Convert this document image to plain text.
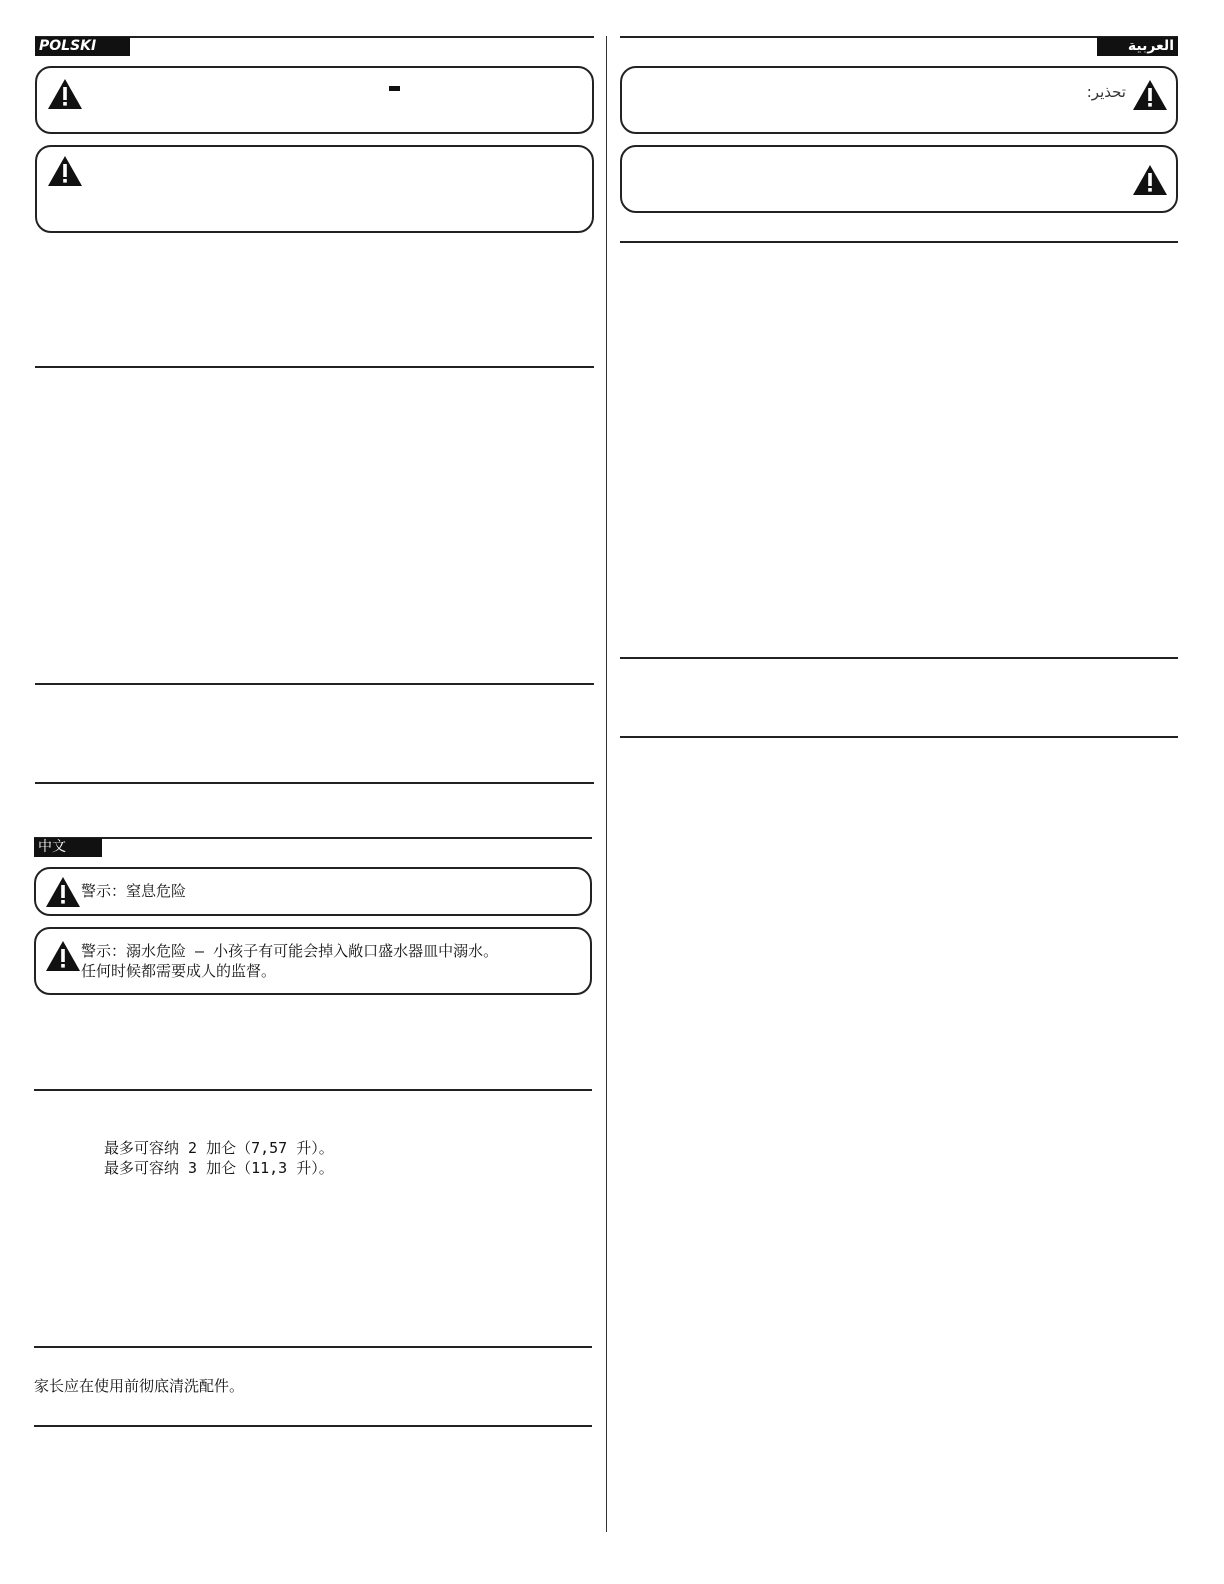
POLSKI
中文
警示：窒息危险
警示：溺水危险 – 小孩子有可能会掉入敞口盛水器皿中溺水。
任何时候都需要成人的监督。
最多可容纳 2 加仑（7,57 升）。
最多可容纳 3 加仑（11,3 升）。
家长应在使用前彻底清洗配件。
العربية
تحذير:
